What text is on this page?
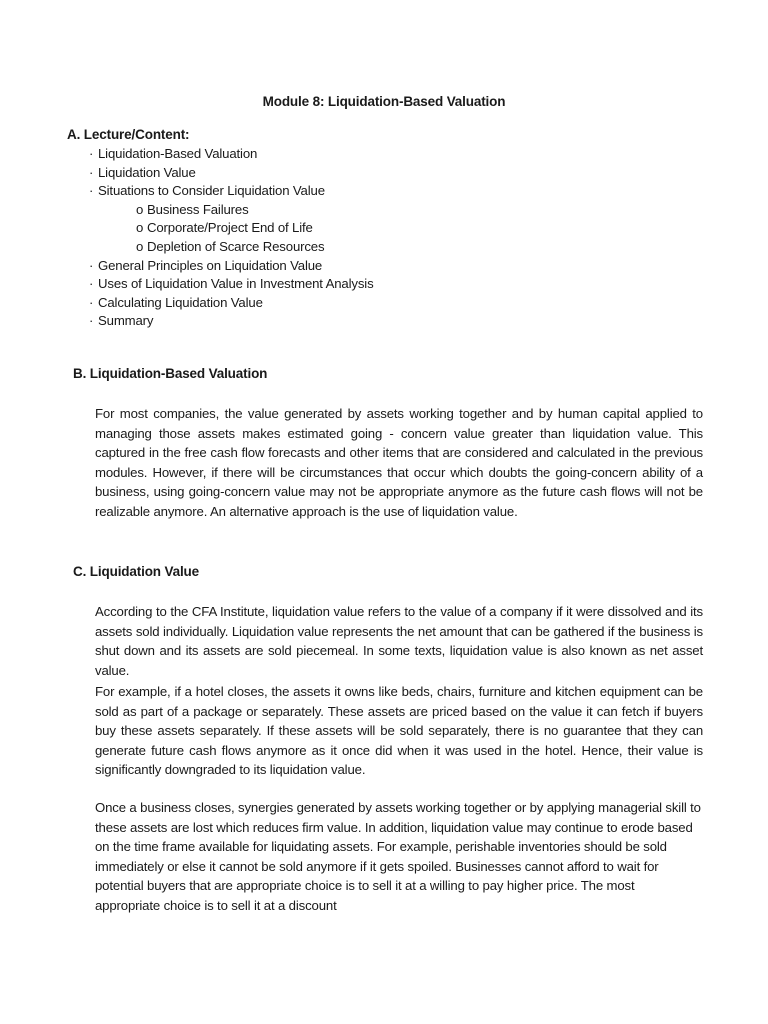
Module 8: Liquidation-Based Valuation
A. Lecture/Content:
· Liquidation-Based Valuation
· Liquidation Value
· Situations to Consider Liquidation Value
o Business Failures
o Corporate/Project End of Life
o Depletion of Scarce Resources
· General Principles on Liquidation Value
· Uses of Liquidation Value in Investment Analysis
· Calculating Liquidation Value
· Summary
B. Liquidation-Based Valuation

For most companies, the value generated by assets working together and by human capital applied to managing those assets makes estimated going - concern value greater than liquidation value. This captured in the free cash flow forecasts and other items that are considered and calculated in the previous modules. However, if there will be circumstances that occur which doubts the going-concern ability of a business, using going-concern value may not be appropriate anymore as the future cash flows will not be realizable anymore. An alternative approach is the use of liquidation value.

C. Liquidation Value

According to the CFA Institute, liquidation value refers to the value of a company if it were dissolved and its assets sold individually. Liquidation value represents the net amount that can be gathered if the business is shut down and its assets are sold piecemeal. In some texts, liquidation value is also known as net asset value.

For example, if a hotel closes, the assets it owns like beds, chairs, furniture and kitchen equipment can be sold as part of a package or separately. These assets are priced based on the value it can fetch if buyers buy these assets separately. If these assets will be sold separately, there is no guarantee that they can generate future cash flows anymore as it once did when it was used in the hotel. Hence, their value is significantly downgraded to its liquidation value.

Once a business closes, synergies generated by assets working together or by applying managerial skill to these assets are lost which reduces firm value. In addition, liquidation value may continue to erode based on the time frame available for liquidating assets. For example, perishable inventories should be sold immediately or else it cannot be sold anymore if it gets spoiled. Businesses cannot afford to wait for potential buyers that are appropriate choice is to sell it at a willing to pay higher price. The most appropriate choice is to sell it at a discount
